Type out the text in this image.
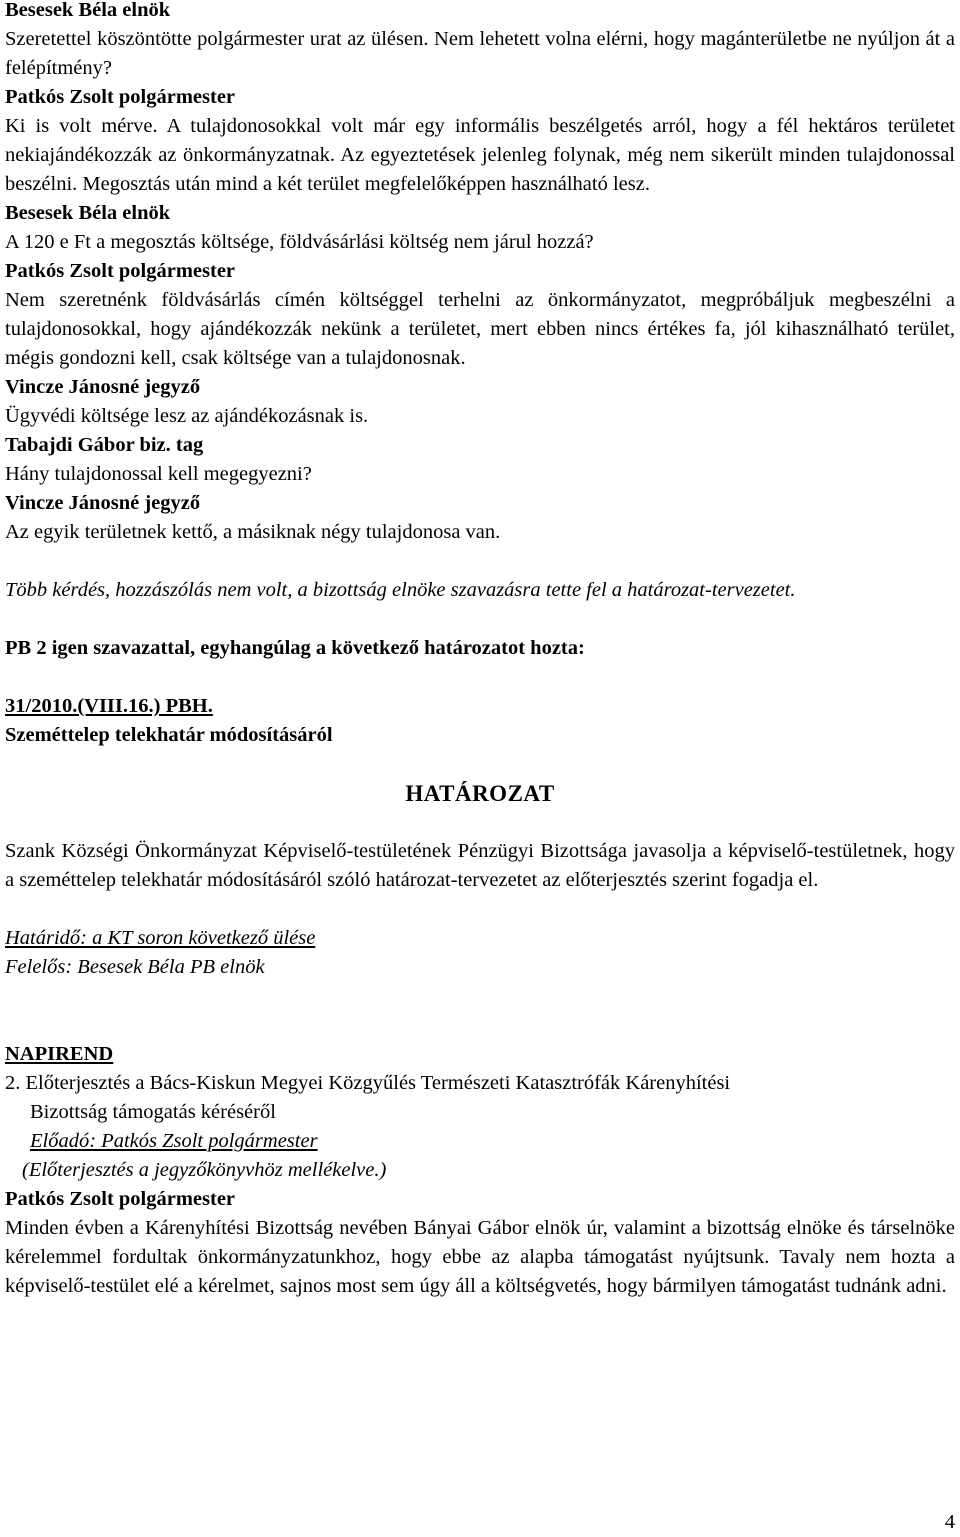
Besesek Béla elnök
Szeretettel köszöntötte polgármester urat az ülésen. Nem lehetett volna elérni, hogy magánterületbe ne nyúljon át a felépítmény?
Patkós Zsolt polgármester
Ki is volt mérve. A tulajdonosokkal volt már egy informális beszélgetés arról, hogy a fél hektáros területet nekiajándékozzák az önkormányzatnak. Az egyeztetések jelenleg folynak, még nem sikerült minden tulajdonossal beszélni. Megosztás után mind a két terület megfelelőképpen használható lesz.
Besesek Béla elnök
A 120 e Ft a megosztás költsége, földvásárlási költség nem járul hozzá?
Patkós Zsolt polgármester
Nem szeretnénk földvásárlás címén költséggel terhelni az önkormányzatot, megpróbáljuk megbeszélni a tulajdonosokkal, hogy ajándékozzák nekünk a területet, mert ebben nincs értékes fa, jól kihasználható terület, mégis gondozni kell, csak költsége van a tulajdonosnak.
Vincze Jánosné jegyző
Ügyvédi költsége lesz az ajándékozásnak is.
Tabajdi Gábor biz. tag
Hány tulajdonossal kell megegyezni?
Vincze Jánosné jegyző
Az egyik területnek kettő, a másiknak négy tulajdonosa van.
Több kérdés, hozzászólás nem volt, a bizottság elnöke szavazásra tette fel a határozat-tervezetet.
PB 2 igen szavazattal, egyhangúlag a következő határozatot hozta:
31/2010.(VIII.16.) PBH.
Szeméttelep telekhatár módosításáról
HATÁROZAT
Szank Községi Önkormányzat Képviselő-testületének Pénzügyi Bizottsága javasolja a képviselő-testületnek, hogy a szeméttelep telekhatár módosításáról szóló határozat-tervezetet az előterjesztés szerint fogadja el.
Határidő: a KT soron következő ülése
Felelős: Besesek Béla PB elnök
NAPIREND
2. Előterjesztés a Bács-Kiskun Megyei Közgyűlés Természeti Katasztrófák Kárenyhítési
Bizottság támogatás kéréséről
Előadó: Patkós Zsolt polgármester
(Előterjesztés a jegyzőkönyvhöz mellékelve.)
Patkós Zsolt polgármester
Minden évben a Kárenyhítési Bizottság nevében Bányai Gábor elnök úr, valamint a bizottság elnöke és társelnöke kérelemmel fordultak önkormányzatunkhoz, hogy ebbe az alapba támogatást nyújtsunk. Tavaly nem hozta a képviselő-testület elé a kérelmet, sajnos most sem úgy áll a költségvetés, hogy bármilyen támogatást tudnánk adni.
4
